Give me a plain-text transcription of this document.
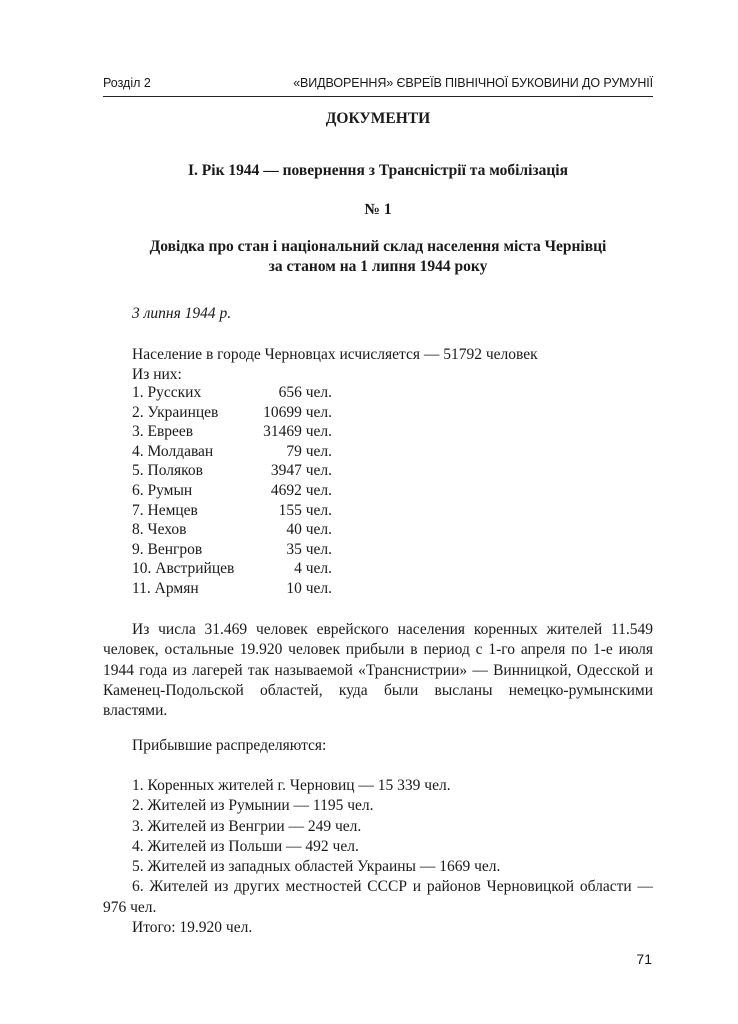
Розділ 2	«ВИДВОРЕННЯ» ЄВРЕЇВ ПІВНІЧНОЇ БУКОВИНИ ДО РУМУНІЇ
ДОКУМЕНТИ
І. Рік 1944 — повернення з Трансністрії та мобілізація
№ 1
Довідка про стан і національний склад населення міста Чернівці
за станом на 1 липня 1944 року
3 липня 1944 р.
Население в городе Черновцах исчисляется — 51792 человек
Из них:
1. Русских	656 чел.
2. Украинцев	10699 чел.
3. Евреев	31469 чел.
4. Молдаван	79 чел.
5. Поляков	3947 чел.
6. Румын	4692 чел.
7. Немцев	155 чел.
8. Чехов	40 чел.
9. Венгров	35 чел.
10. Австрийцев	4 чел.
11. Армян	10 чел.
Из числа 31.469 человек еврейского населения коренных жителей 11.549 человек, остальные 19.920 человек прибыли в период с 1-го апреля по 1-е июля 1944 года из лагерей так называемой «Транснистрии» — Винницкой, Одесской и Каменец-Подольской областей, куда были высланы немецко-румынскими властями.
Прибывшие распределяются:
1. Коренных жителей г. Черновиц — 15 339 чел.
2. Жителей из Румынии — 1195 чел.
3. Жителей из Венгрии — 249 чел.
4. Жителей из Польши — 492 чел.
5. Жителей из западных областей Украины — 1669 чел.
6. Жителей из других местностей СССР и районов Черновицкой области — 976 чел.
Итого: 19.920 чел.
71
